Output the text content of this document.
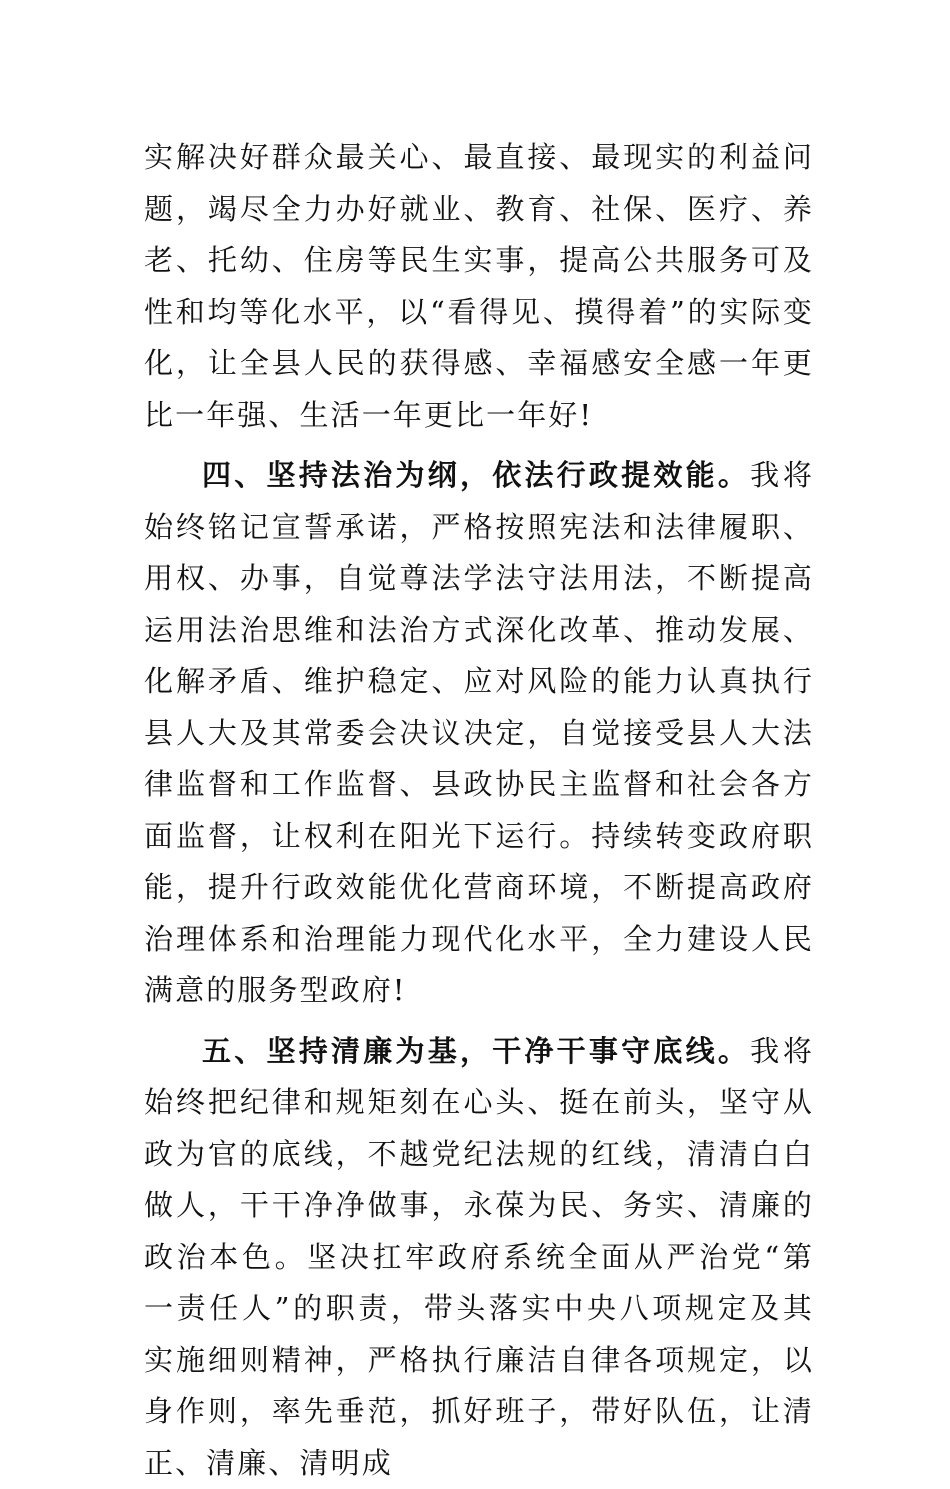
实解决好群众最关心、最直接、最现实的利益问题，竭尽全力办好就业、教育、社保、医疗、养老、托幼、住房等民生实事，提高公共服务可及性和均等化水平，以“看得见、摸得着”的实际变化，让全县人民的获得感、幸福感安全感一年更比一年强、生活一年更比一年好!

四、坚持法治为纲，依法行政提效能。我将始终铭记宣誓承诺，严格按照宪法和法律履职、用权、办事，自觉尊法学法守法用法，不断提高运用法治思维和法治方式深化改革、推动发展、化解矛盾、维护稳定、应对风险的能力认真执行县人大及其常委会决议决定，自觉接受县人大法律监督和工作监督、县政协民主监督和社会各方面监督，让权利在阳光下运行。持续转变政府职能，提升行政效能优化营商环境，不断提高政府治理体系和治理能力现代化水平，全力建设人民满意的服务型政府!

五、坚持清廉为基，干净干事守底线。我将始终把纪律和规矩刻在心头、挺在前头，坚守从政为官的底线，不越党纪法规的红线，清清白白做人，干干净净做事，永葆为民、务实、清廉的政治本色。坚决扛牢政府系统全面从严治党“第一责任人”的职责，带头落实中央八项规定及其实施细则精神，严格执行廉洁自律各项规定，以身作则，率先垂范，抓好班子，带好队伍，让清正、清廉、清明成
